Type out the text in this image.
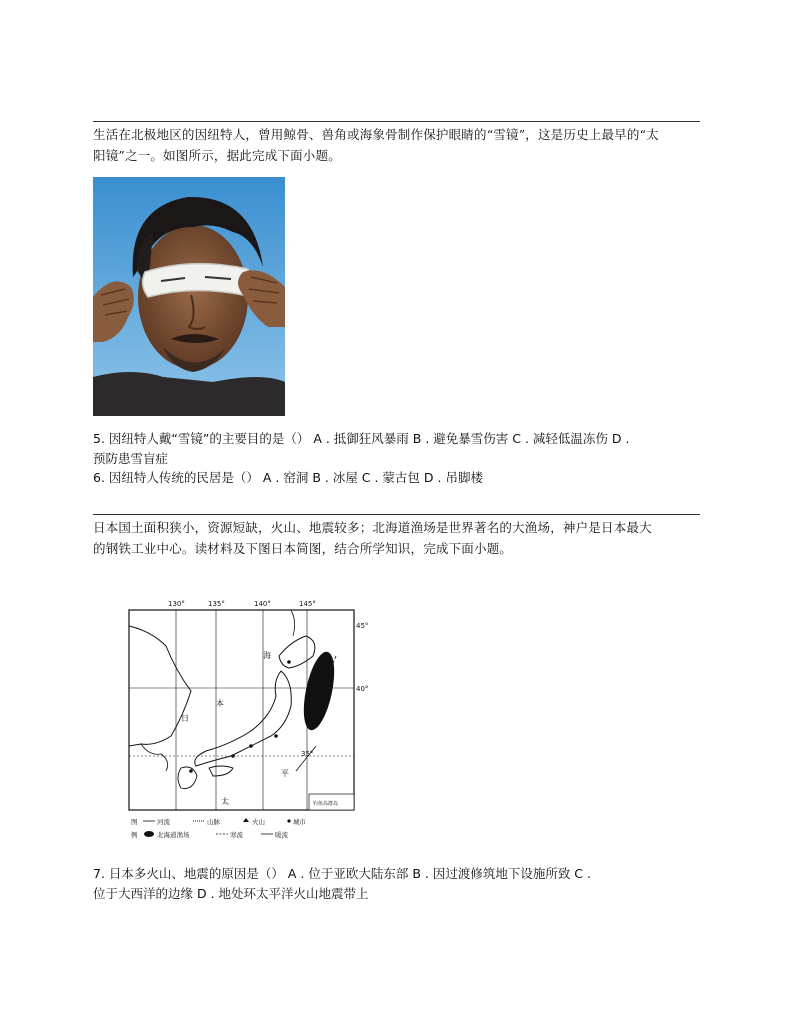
生活在北极地区的因纽特人，曾用鲸骨、兽角或海象骨制作保护眼睛的“雪镜”，这是历史上最早的“太
阳镜”之一。如图所示，据此完成下面小题。
5. 因纽特人戴“雪镜”的主要目的是（） A . 抵御狂风暴雨 B . 避免暴雪伤害 C . 减轻低温冻伤 D .
预防患雪盲症
6. 因纽特人传统的民居是（） A . 窑洞 B . 冰屋 C . 蒙古包 D . 吊脚楼
日本国土面积狭小，资源短缺，火山、地震较多；北海道渔场是世界著名的大渔场，神户是日本最大
的钢铁工业中心。读材料及下图日本简图，结合所学知识，完成下面小题。
130°	135°	140°	145°
45°
40°
35°
海
本
日
太
平
钓鱼岛群岛
图
例
河流	山脉	火山	城市
北海道渔场	寒流	暖流
7. 日本多火山、地震的原因是（） A . 位于亚欧大陆东部 B . 因过渡修筑地下设施所致 C .
位于大西洋的边缘 D . 地处环太平洋火山地震带上
